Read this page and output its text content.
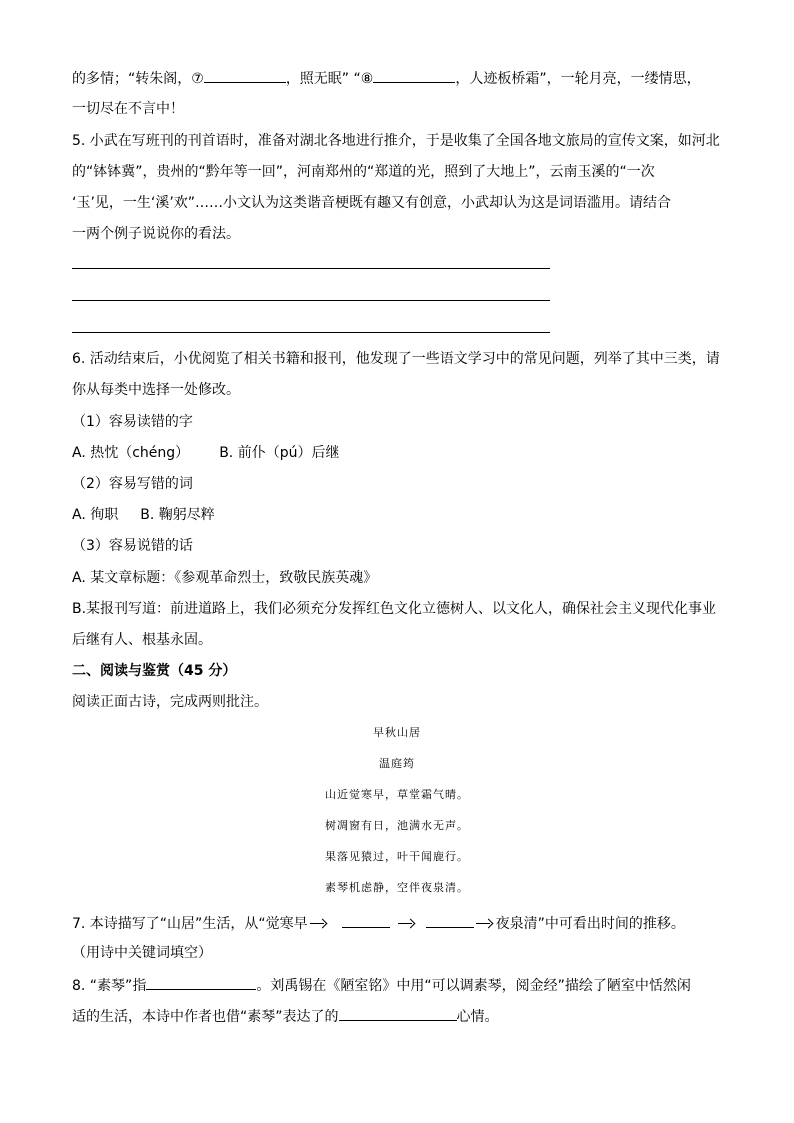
的多情；“转朱阁，⑦	，照无眠” “⑧	，人迹板桥霜”，一轮月亮，一缕情思，
一切尽在不言中！
5. 小武在写班刊的刊首语时，准备对湖北各地进行推介，于是收集了全国各地文旅局的宣传文案，如河北
的“钵钵冀”，贵州的“黔年等一回”，河南郑州的“郑道的光，照到了大地上”，云南玉溪的“一次
‘玉’见，一生‘溪’欢”……小文认为这类谐音梗既有趣又有创意，小武却认为这是词语滥用。请结合
一两个例子说说你的看法。
6. 活动结束后，小优阅览了相关书籍和报刊，他发现了一些语文学习中的常见问题，列举了其中三类，请
你从每类中选择一处修改。
（1）容易读错的字
A. 热忱（chéng） B. 前仆（pú）后继
（2）容易写错的词
A. 徇职 B. 鞠躬尽粹
（3）容易说错的话
A. 某文章标题：《参观革命烈士，致敬民族英魂》
B.某报刊写道：前进道路上，我们必须充分发挥红色文化立德树人、以文化人，确保社会主义现代化事业
后继有人、根基永固。
二、阅读与鉴赏（45 分）
阅读正面古诗，完成两则批注。
早秋山居
温庭筠
山近觉寒早，草堂霜气晴。
树凋窗有日，池满水无声。
果落见猿过，叶干闻鹿行。
素琴机虑静，空伴夜泉清。
7. 本诗描写了“山居”生活，从“觉寒早	夜泉清”中可看出时间的推移。
（用诗中关键词填空）
8. “素琴”指	。刘禹锡在《陋室铭》中用“可以调素琴，阅金经”描绘了陋室中恬然闲
适的生活，本诗中作者也借“素琴”表达了的	心情。
